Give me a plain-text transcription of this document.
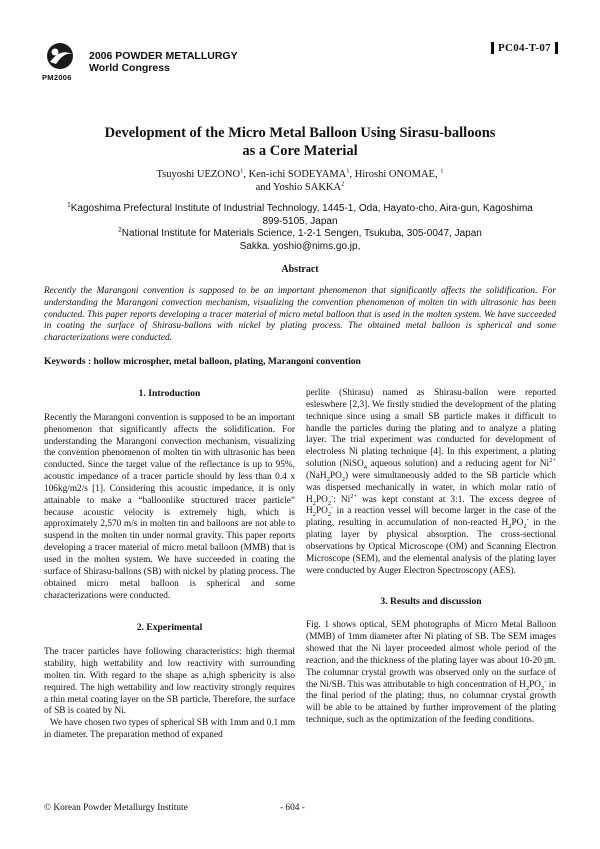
PM2006
2006 POWDER METALLURGY
World Congress
PC04-T-07
Development of the Micro Metal Balloon Using Sirasu-balloons
as a Core Material
Tsuyoshi UEZONO$^1$, Ken-ichi SODEYAMA$^1$, Hiroshi ONOMAE, $^1$
and Yoshio SAKKA$^2$
$^1$Kagoshima Prefectural Institute of Industrial Technology, 1445-1, Oda, Hayato-cho, Aira-gun, Kagoshima
899-5105, Japan
$^2$National Institute for Materials Science, 1-2-1 Sengen, Tsukuba, 305-0047, Japan
Sakka. yoshio@nims.go.jp,
Abstract
Recently the Marangoni convention is supposed to be an important phenomenon that significantly affects the solidification. For understanding the Marangoni convection mechanism, visualizing the convention phenomenon of molten tin with ultrasonic has been conducted. This paper reports developing a tracer material of micro metal balloon that is used in the molten system. We have succeeded in coating the surface of Shirasu-ballons with nickel by plating process. The obtained metal balloon is spherical and some characterizations were conducted.
Keywords : hollow microspher, metal balloon, plating, Marangoni convention
1. Introduction

Recently the Marangoni convention is supposed to be an important phenomenon that significantly affects the solidification. For understanding the Marangoni convection mechanism, visualizing the convention phenomenon of molten tin with ultrasonic has been conducted. Since the target value of the reflectance is up to 95%, acoustic impedance of a tracer particle should by less than 0.4 x 106kg/m2/s [1]. Considering this acoustic impedance, it is only attainable to make a “balloonlike structured tracer particle” because acoustic velocity is extremely high, which is approximately 2,570 m/s in molten tin and balloons are not able to suspend in the molten tin under normal gravity. This paper reports developing a tracer material of micro metal balloon (MMB) that is used in the molten system. We have succeeded in coating the surface of Shirasu-ballons (SB) with nickel by plating process. The obtained micro metal balloon is spherical and some characterizations were conducted.

2. Experimental

The tracer particles have following characteristics: high thermal stability, high wettability and low reactivity with surrounding molten tin. With regard to the shape as a,high sphericity is also required. The high wettability and low reactivity strongly requires a thin metal coating layer on the SB particle. Therefore, the surface of SB is coated by Ni.

We have chosen two types of spherical SB with 1mm and 0.1 mm in diameter. The preparation method of expaned

perlite (Shirasu) named as Shirasu-ballon were reported esleswhere [2,3]. We firstly studied the development of the plating technique since using a small SB particle makes it difficult to handle the particles during the plating and to analyze a plating layer. The trial experiment was conducted for development of electroless Ni plating technique [4]. In this experiment, a plating solution (NiSO$_4$ aqueous solution) and a reducing agent for $Ni^{2+}$ $(NaH_2PO_2)$ were simultaneously added to the SB particle which was dispersed mechanically in water, in which molar ratio of $H_2PO_2^-$: $Ni^{2+}$ was kept constant at 3:1. The excess degree of $H_2PO_2^-$ in a reaction vessel will become larger in the case of the plating, resulting in accumulation of non-reacted $H_2PO_2^-$ in the plating layer by physical absorption. The cross-sectional observations by Optical Microscope (OM) and Scanning Electron Microscope (SEM), and the elemental analysis of the plating layer were conducted by Auger Electron Spectroscopy (AES).

3. Results and discussion

Fig. 1 shows optical, SEM photographs of Micro Metal Balloon (MMB) of 1mm diameter after Ni plating of SB. The SEM images showed that the Ni layer proceeded almost whole period of the reaction, and the thickness of the plating layer was about 10-20 ㎛. The columnar crystal growth was observed only on the surface of the Ni/SB. This was attributable to high concentration of $H_2PO_2^-$ in the final period of the plating; thus, no columnar crystal growth will be able to be attained by further improvement of the plating technique, such as the optimization of the feeding conditions.

© Korean Powder Metallurgy Institute	- 604 -
